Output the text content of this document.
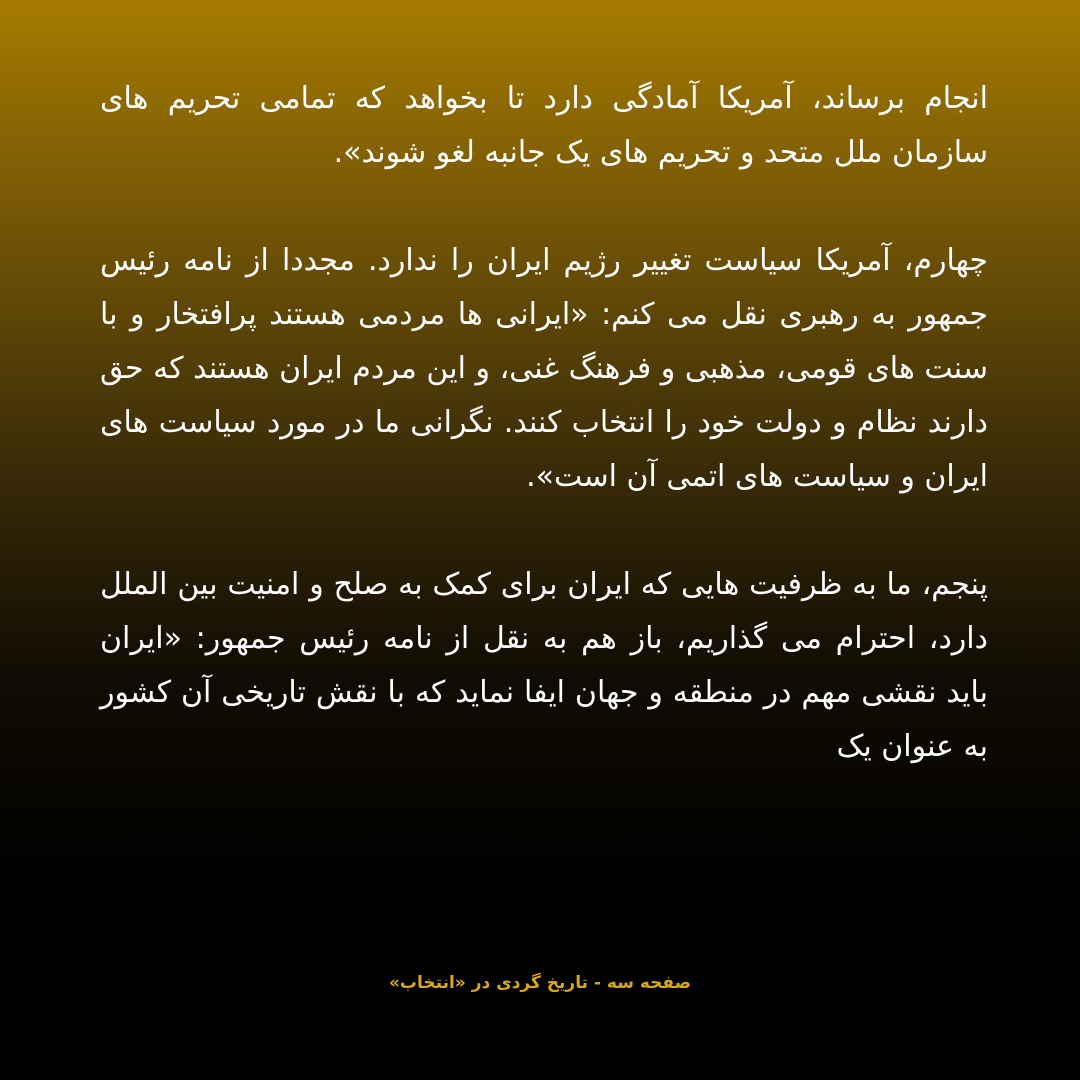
انجام برساند، آمریکا آمادگی دارد تا بخواهد که تمامی تحریم های سازمان ملل متحد و تحریم های یک جانبه لغو شوند».

چهارم، آمریکا سیاست تغییر رژیم ایران را ندارد. مجددا از نامه رئیس جمهور به رهبری نقل می کنم: «ایرانی ها مردمی هستند پرافتخار و با سنت های قومی، مذهبی و فرهنگ غنی، و این مردم ایران هستند که حق دارند نظام و دولت خود را انتخاب کنند. نگرانی ما در مورد سیاست های ایران و سیاست های اتمی آن است».

پنجم، ما به ظرفیت هایی که ایران برای کمک به صلح و امنیت بین الملل دارد، احترام می گذاریم، باز هم به نقل از نامه رئیس جمهور: «ایران باید نقشی مهم در منطقه و جهان ایفا نماید که با نقش تاریخی آن کشور به عنوان یک

صفحه سه - تاریخ گردی در «انتخاب»
